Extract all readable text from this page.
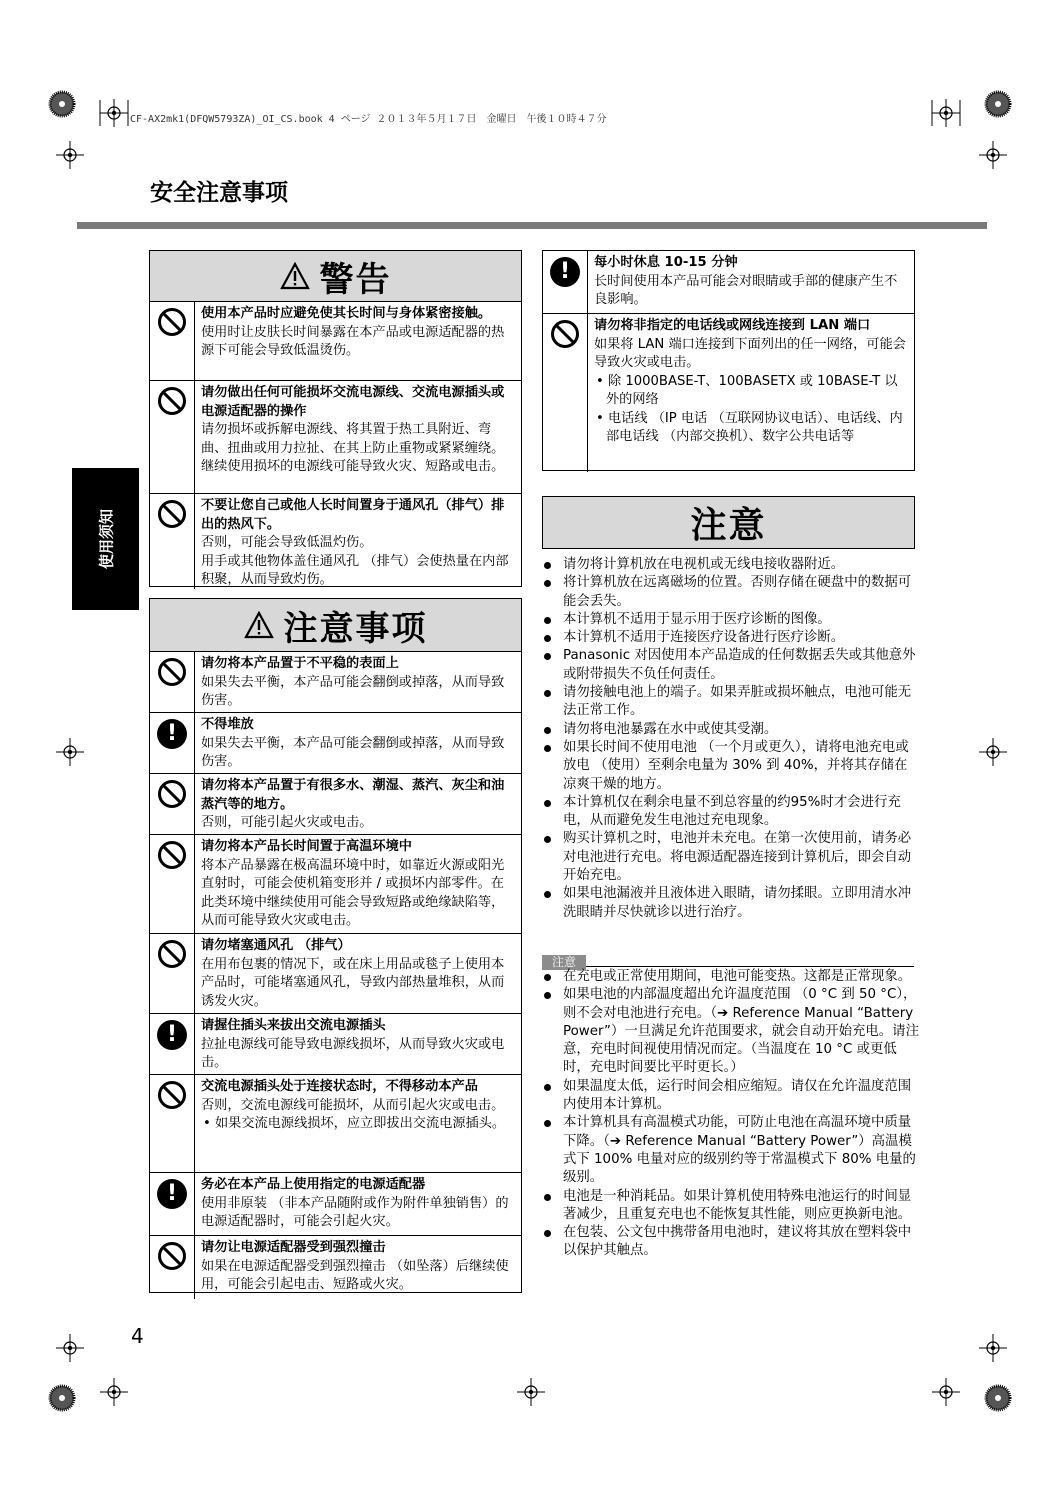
CF-AX2mk1(DFQW5793ZA)_OI_CS.book 4 ページ ２０１３年５月１７日　金曜日　午後１０時４７分
安全注意事项
使用须知
4
警告
使用本产品时应避免使其长时间与身体紧密接触。
使用时让皮肤长时间暴露在本产品或电源适配器的热源下可能会导致低温烫伤。
请勿做出任何可能损坏交流电源线、交流电源插头或电源适配器的操作
请勿损坏或拆解电源线、将其置于热工具附近、弯曲、扭曲或用力拉扯、在其上防止重物或紧紧缠绕。继续使用损坏的电源线可能导致火灾、短路或电击。
不要让您自己或他人长时间置身于通风孔（排气）排出的热风下。
否则，可能会导致低温灼伤。
用手或其他物体盖住通风孔 （排气）会使热量在内部积聚，从而导致灼伤。
注意事项
请勿将本产品置于不平稳的表面上
如果失去平衡，本产品可能会翻倒或掉落，从而导致伤害。
!	不得堆放
如果失去平衡，本产品可能会翻倒或掉落，从而导致伤害。
请勿将本产品置于有很多水、潮湿、蒸汽、灰尘和油蒸汽等的地方。
否则，可能引起火灾或电击。
请勿将本产品长时间置于高温环境中
将本产品暴露在极高温环境中时，如靠近火源或阳光直射时，可能会使机箱变形并 / 或损坏内部零件。在此类环境中继续使用可能会导致短路或绝缘缺陷等，从而可能导致火灾或电击。
请勿堵塞通风孔 （排气）
在用布包裹的情况下，或在床上用品或毯子上使用本产品时，可能堵塞通风孔，导致内部热量堆积，从而诱发火灾。
!	请握住插头来拔出交流电源插头
拉扯电源线可能导致电源线损坏，从而导致火灾或电击。
交流电源插头处于连接状态时，不得移动本产品
否则，交流电源线可能损坏，从而引起火灾或电击。
• 如果交流电源线损坏，应立即拔出交流电源插头。
!	务必在本产品上使用指定的电源适配器
使用非原装 （非本产品随附或作为附件单独销售）的电源适配器时，可能会引起火灾。
请勿让电源适配器受到强烈撞击
如果在电源适配器受到强烈撞击 （如坠落）后继续使用，可能会引起电击、短路或火灾。
!	每小时休息 10-15 分钟
长时间使用本产品可能会对眼睛或手部的健康产生不良影响。
请勿将非指定的电话线或网线连接到 LAN 端口
如果将 LAN 端口连接到下面列出的任一网络，可能会导致火灾或电击。
• 除 1000BASE-T、100BASETX 或 10BASE-T 以外的网络
• 电话线 （IP 电话 （互联网协议电话）、电话线、内部电话线 （内部交换机）、数字公共电话等
注意
请勿将计算机放在电视机或无线电接收器附近。
将计算机放在远离磁场的位置。否则存储在硬盘中的数据可能会丢失。
本计算机不适用于显示用于医疗诊断的图像。
本计算机不适用于连接医疗设备进行医疗诊断。
Panasonic 对因使用本产品造成的任何数据丢失或其他意外或附带损失不负任何责任。
请勿接触电池上的端子。如果弄脏或损坏触点，电池可能无法正常工作。
请勿将电池暴露在水中或使其受潮。
如果长时间不使用电池 （一个月或更久），请将电池充电或放电 （使用）至剩余电量为 30% 到 40%，并将其存储在凉爽干燥的地方。
本计算机仅在剩余电量不到总容量的约95%时才会进行充电，从而避免发生电池过充电现象。
购买计算机之时，电池并未充电。在第一次使用前，请务必对电池进行充电。将电源适配器连接到计算机后，即会自动开始充电。
如果电池漏液并且液体进入眼睛，请勿揉眼。立即用清水冲洗眼睛并尽快就诊以进行治疗。
注意
在充电或正常使用期间，电池可能变热。这都是正常现象。
如果电池的内部温度超出允许温度范围 （0 °C 到 50 °C），则不会对电池进行充电。（➔ Reference Manual “Battery Power”）一旦满足允许范围要求，就会自动开始充电。请注意，充电时间视使用情况而定。（当温度在 10 °C 或更低时，充电时间要比平时更长。）
如果温度太低，运行时间会相应缩短。请仅在允许温度范围内使用本计算机。
本计算机具有高温模式功能，可防止电池在高温环境中质量下降。（➔ Reference Manual “Battery Power”）高温模式下 100% 电量对应的级别约等于常温模式下 80% 电量的级别。
电池是一种消耗品。如果计算机使用特殊电池运行的时间显著减少，且重复充电也不能恢复其性能，则应更换新电池。
在包装、公文包中携带备用电池时，建议将其放在塑料袋中以保护其触点。
